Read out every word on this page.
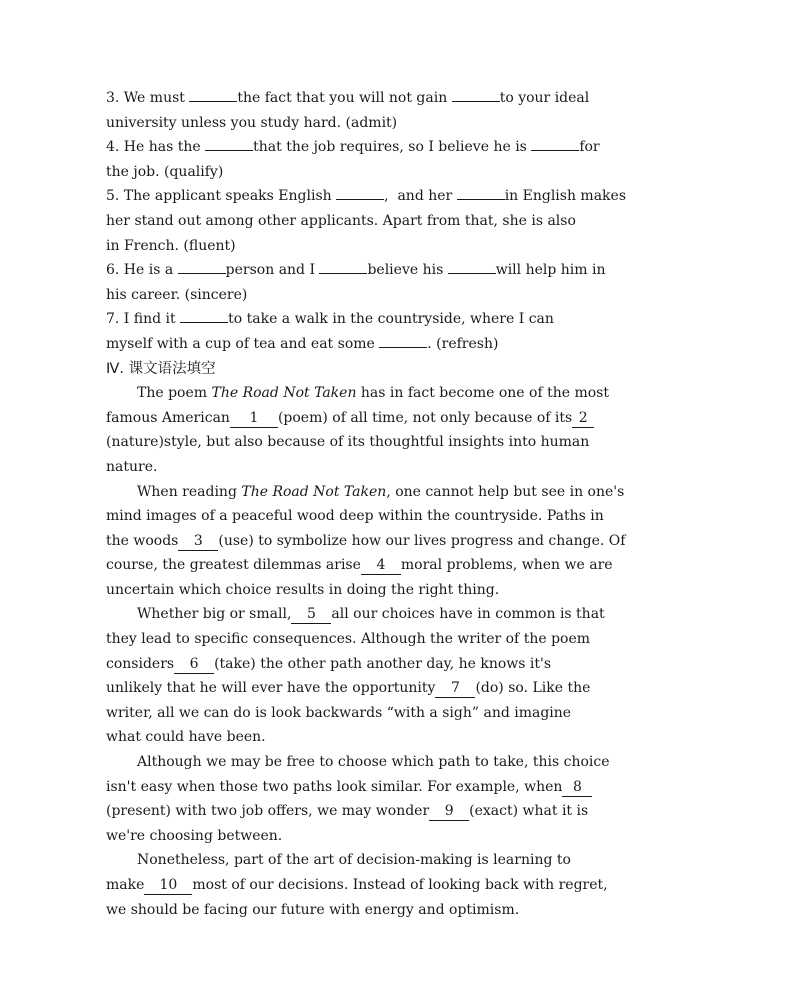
3. We must	the fact that you will not gain	to your ideal
university unless you study hard. (admit)
4. He has the	that the job requires, so I believe he is	for
the job. (qualify)
5. The applicant speaks English	,  and her	in English makes
her stand out among other applicants. Apart from that, she is also
in French. (fluent)
6. He is a	person and I	believe his	will help him in
his career. (sincere)
7. I find it	to take a walk in the countryside, where I can
myself with a cup of tea and eat some	. (refresh)
Ⅳ. 课文语法填空
The poem The Road Not Taken has in fact become one of the most
famous American 1 (poem) of all time, not only because of its 2
(nature)style, but also because of its thoughtful insights into human
nature.
When reading The Road Not Taken, one cannot help but see in one's
mind images of a peaceful wood deep within the countryside. Paths in
the woods 3 (use) to symbolize how our lives progress and change. Of
course, the greatest dilemmas arise 4 moral problems, when we are
uncertain which choice results in doing the right thing.
Whether big or small, 5 all our choices have in common is that
they lead to specific consequences. Although the writer of the poem
considers 6 (take) the other path another day, he knows it's
unlikely that he will ever have the opportunity 7 (do) so. Like the
writer, all we can do is look backwards “with a sigh” and imagine
what could have been.
Although we may be free to choose which path to take, this choice
isn't easy when those two paths look similar. For example, when 8
(present) with two job offers, we may wonder 9 (exact) what it is
we're choosing between.
Nonetheless, part of the art of decision-making is learning to
make 10 most of our decisions. Instead of looking back with regret,
we should be facing our future with energy and optimism.
